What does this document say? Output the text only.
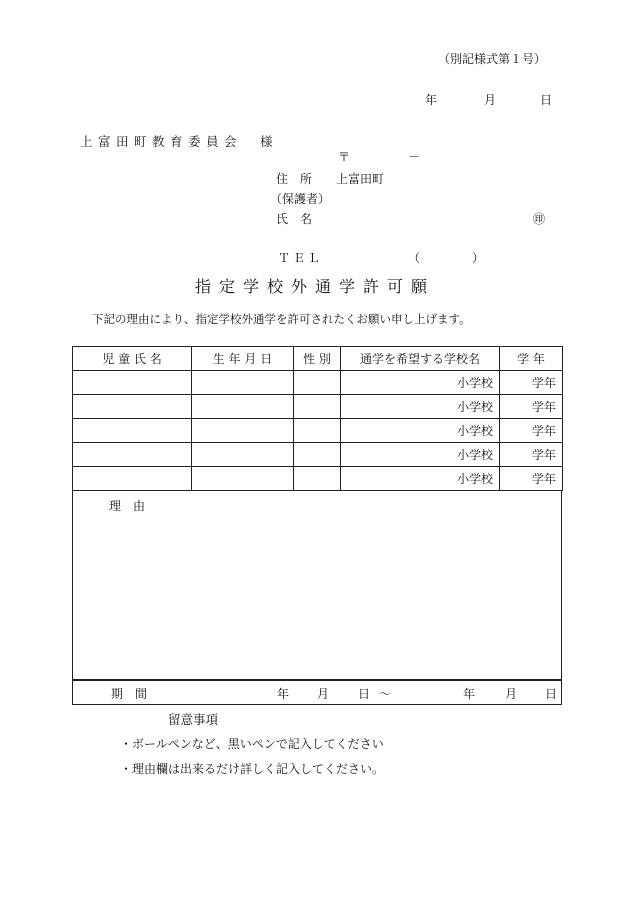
（別記様式第１号）
年	月	日
上富田町教育委員会　様
〒	－
住　所 上富田町
（保護者）
氏　名	㊞
ＴＥＬ	（	）
指定学校外通学許可願
下記の理由により、指定学校外通学を許可されたくお願い申し上げます。
児 童 氏 名	生 年 月 日	性 別	通学を希望する学校名	学 年
			小学校	学年
			小学校	学年
			小学校	学年
			小学校	学年
			小学校	学年
理　由
期　間	年 月 日 ～	年 月 日
留意事項
・ボールペンなど、黒いペンで記入してください
・理由欄は出来るだけ詳しく記入してください。
